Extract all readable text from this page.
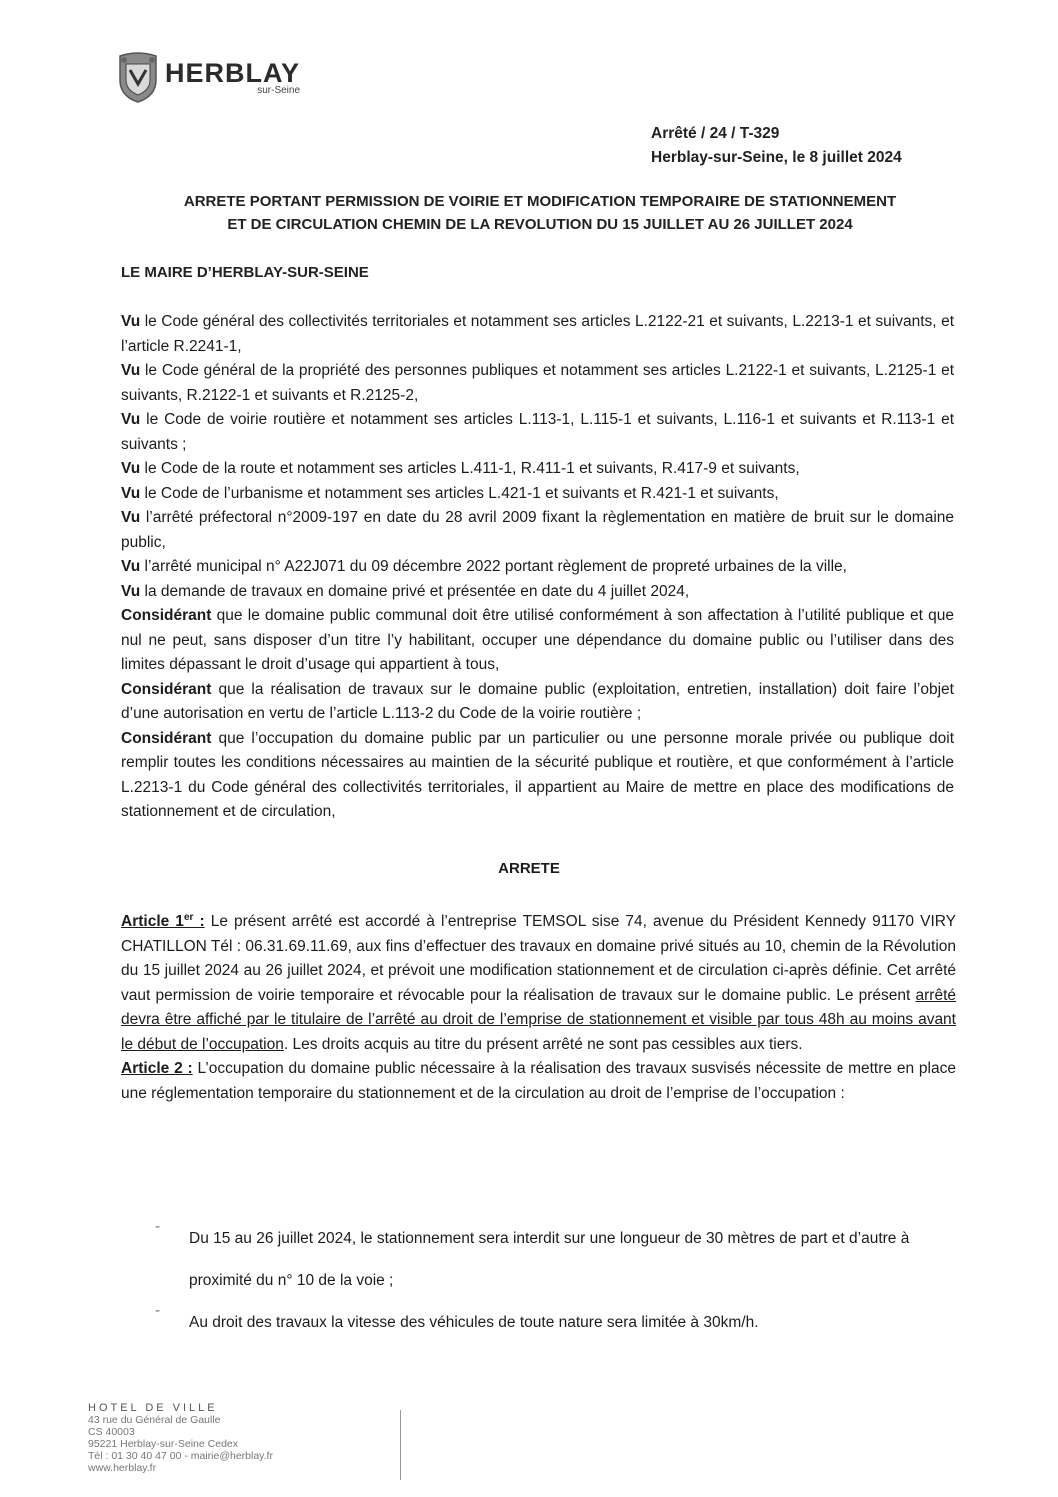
HERBLAY
sur-Seine
Arrêté / 24 / T-329
Herblay-sur-Seine, le 8 juillet 2024
ARRETE PORTANT PERMISSION DE VOIRIE ET MODIFICATION TEMPORAIRE DE STATIONNEMENT
ET DE CIRCULATION CHEMIN DE LA REVOLUTION DU 15 JUILLET AU 26 JUILLET 2024
LE MAIRE D’HERBLAY-SUR-SEINE

Vu le Code général des collectivités territoriales et notamment ses articles L.2122-21 et suivants, L.2213-1 et suivants, et l’article R.2241-1,

Vu le Code général de la propriété des personnes publiques et notamment ses articles L.2122-1 et suivants, L.2125-1 et suivants, R.2122-1 et suivants et R.2125-2,

Vu le Code de voirie routière et notamment ses articles L.113-1, L.115-1 et suivants, L.116-1 et suivants et R.113-1 et suivants ;

Vu le Code de la route et notamment ses articles L.411-1, R.411-1 et suivants, R.417-9 et suivants,

Vu le Code de l’urbanisme et notamment ses articles L.421-1 et suivants et R.421-1 et suivants,

Vu l’arrêté préfectoral n°2009-197 en date du 28 avril 2009 fixant la règlementation en matière de bruit sur le domaine public,

Vu l’arrêté municipal n° A22J071 du 09 décembre 2022 portant règlement de propreté urbaines de la ville,

Vu la demande de travaux en domaine privé et présentée en date du 4 juillet 2024,

Considérant que le domaine public communal doit être utilisé conformément à son affectation à l’utilité publique et que nul ne peut, sans disposer d’un titre l’y habilitant, occuper une dépendance du domaine public ou l’utiliser dans des limites dépassant le droit d’usage qui appartient à tous,

Considérant que la réalisation de travaux sur le domaine public (exploitation, entretien, installation) doit faire l’objet d’une autorisation en vertu de l’article L.113-2 du Code de la voirie routière ;

Considérant que l’occupation du domaine public par un particulier ou une personne morale privée ou publique doit remplir toutes les conditions nécessaires au maintien de la sécurité publique et routière, et que conformément à l’article L.2213-1 du Code général des collectivités territoriales, il appartient au Maire de mettre en place des modifications de stationnement et de circulation,

ARRETE

Article 1er : Le présent arrêté est accordé à l’entreprise TEMSOL sise 74, avenue du Président Kennedy 91170 VIRY CHATILLON Tél : 06.31.69.11.69, aux fins d’effectuer des travaux en domaine privé situés au 10, chemin de la Révolution du 15 juillet 2024 au 26 juillet 2024, et prévoit une modification stationnement et de circulation ci-après définie. Cet arrêté vaut permission de voirie temporaire et révocable pour la réalisation de travaux sur le domaine public. Le présent arrêté devra être affiché par le titulaire de l’arrêté au droit de l’emprise de stationnement et visible par tous 48h au moins avant le début de l’occupation. Les droits acquis au titre du présent arrêté ne sont pas cessibles aux tiers.

Article 2 : L’occupation du domaine public nécessaire à la réalisation des travaux susvisés nécessite de mettre en place une réglementation temporaire du stationnement et de la circulation au droit de l’emprise de l’occupation :

-
Du 15 au 26 juillet 2024, le stationnement sera interdit sur une longueur de 30 mètres de part et d’autre à proximité du n° 10 de la voie ;
-
Au droit des travaux la vitesse des véhicules de toute nature sera limitée à 30km/h.
HOTEL DE VILLE
43 rue du Général de Gaulle
CS 40003
95221 Herblay-sur-Seine Cedex
Tél : 01 30 40 47 00 - mairie@herblay.fr
www.herblay.fr
